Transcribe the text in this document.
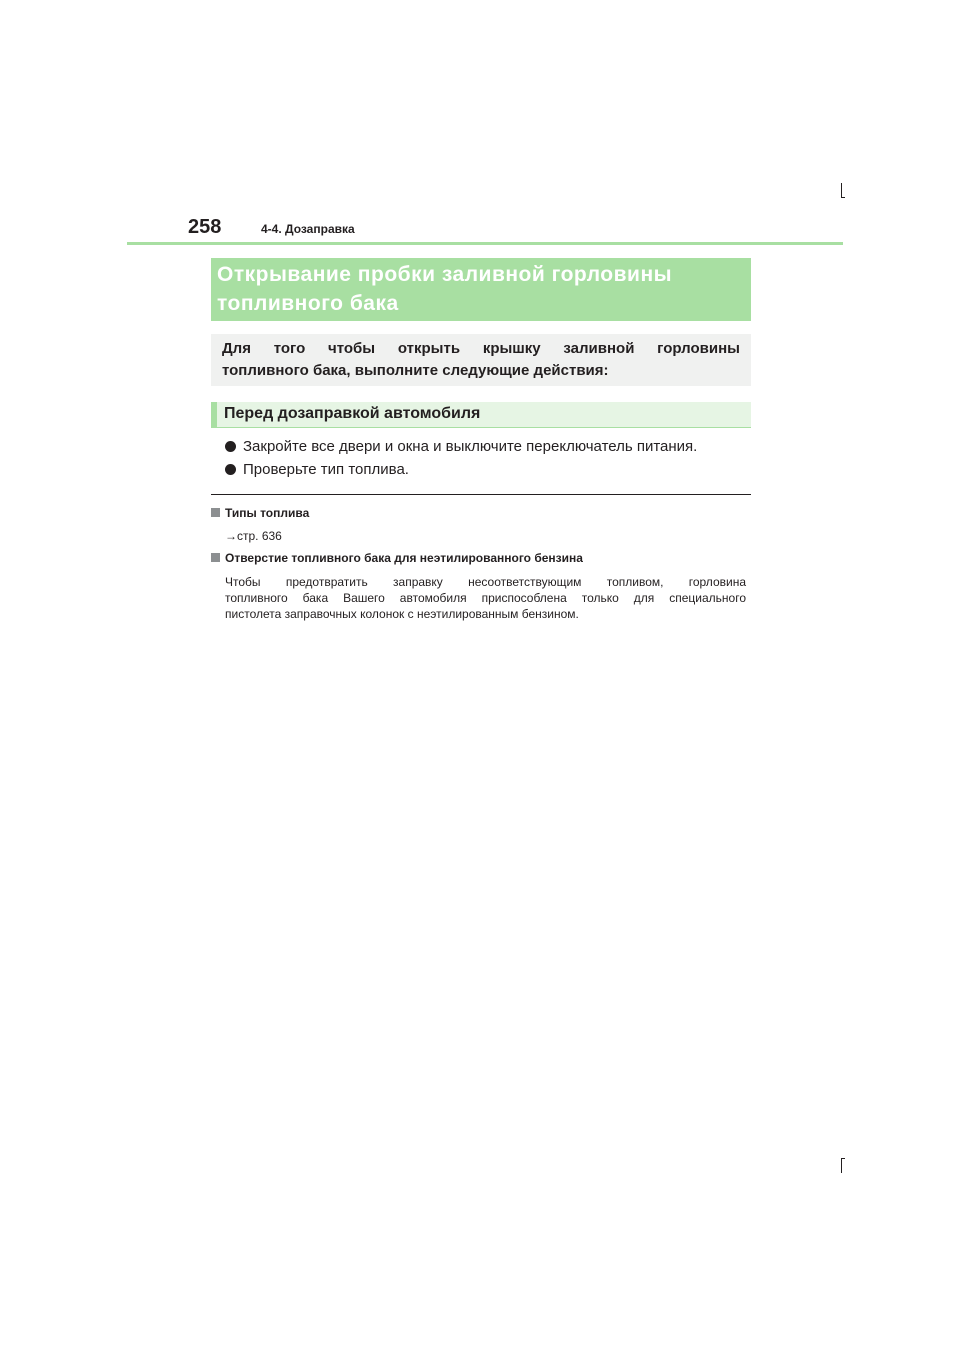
258	4-4. Дозаправка
Открывание пробки заливной горловины
топливного бака
Для того чтобы открыть крышку заливной горловины
топливного бака, выполните следующие действия:
Перед дозаправкой автомобиля
Закройте все двери и окна и выключите переключатель питания.
Проверьте тип топлива.
Типы топлива
→стр. 636
Отверстие топливного бака для неэтилированного бензина
Чтобы предотвратить заправку несоответствующим топливом, горловина
топливного бака Вашего автомобиля приспособлена только для специального
пистолета заправочных колонок с неэтилированным бензином.
